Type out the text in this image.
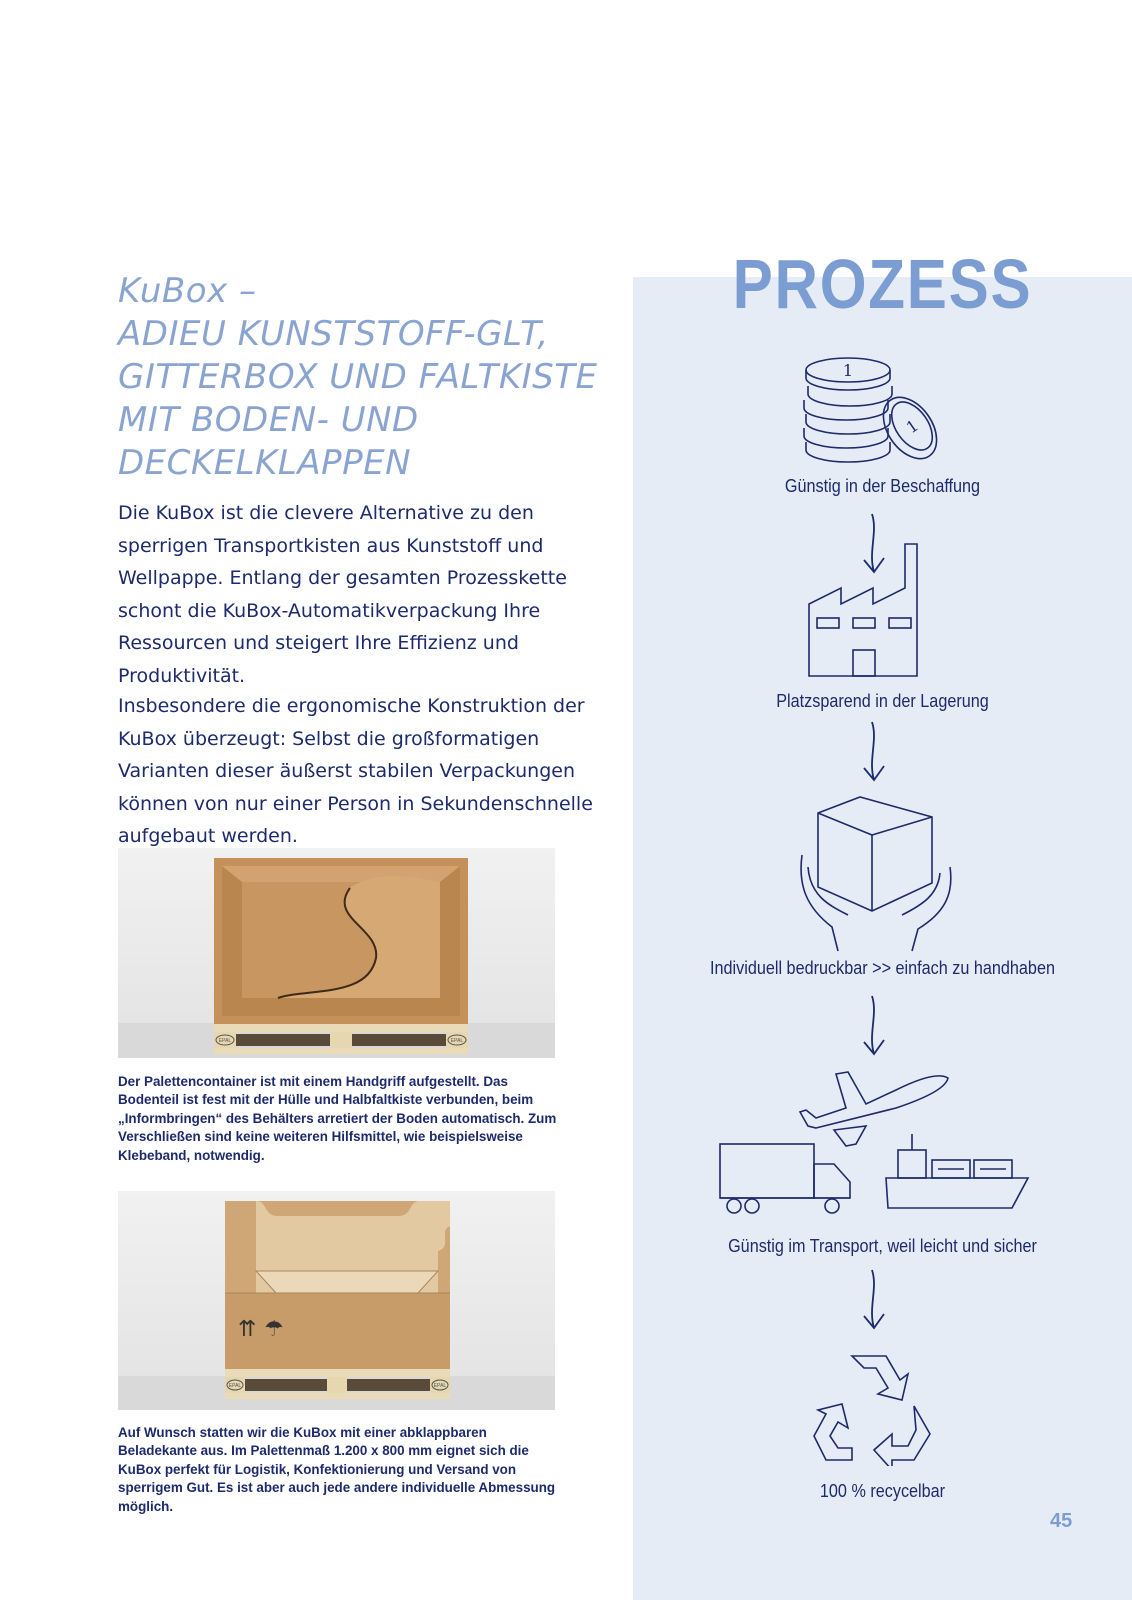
PROZESS
KuBox –
ADIEU KUNSTSTOFF-GLT,
GITTERBOX UND FALTKISTE
MIT BODEN- UND
DECKELKLAPPEN

Die KuBox ist die clevere Alternative zu den sperrigen Transportkisten aus Kunststoff und Wellpappe. Entlang der gesamten Prozesskette schont die KuBox-Automatikverpackung Ihre Ressourcen und steigert Ihre Effizienz und Produktivität.

Insbesondere die ergonomische Konstruktion der KuBox überzeugt: Selbst die großformatigen Varianten dieser äußerst stabilen Verpackungen können von nur einer Person in Sekundenschnelle aufgebaut werden.

EPAL	EPAL

Der Palettencontainer ist mit einem Handgriff aufgestellt. Das Bodenteil ist fest mit der Hülle und Halbfaltkiste verbunden, beim „Informbringen“ des Behälters arretiert der Boden automatisch. Zum Verschließen sind keine weiteren Hilfsmittel, wie beispielsweise Klebeband, notwendig.

⇈ ☂
EPAL	EPAL

Auf Wunsch statten wir die KuBox mit einer abklappbaren Beladekante aus. Im Palettenmaß 1.200 x 800 mm eignet sich die KuBox perfekt für Logistik, Konfektionierung und Versand von sperrigem Gut. Es ist aber auch jede andere individuelle Abmessung möglich.

1
1

Günstig in der Beschaffung

Platzsparend in der Lagerung

Individuell bedruckbar >> einfach zu handhaben

Günstig im Transport, weil leicht und sicher

100 % recycelbar

45
